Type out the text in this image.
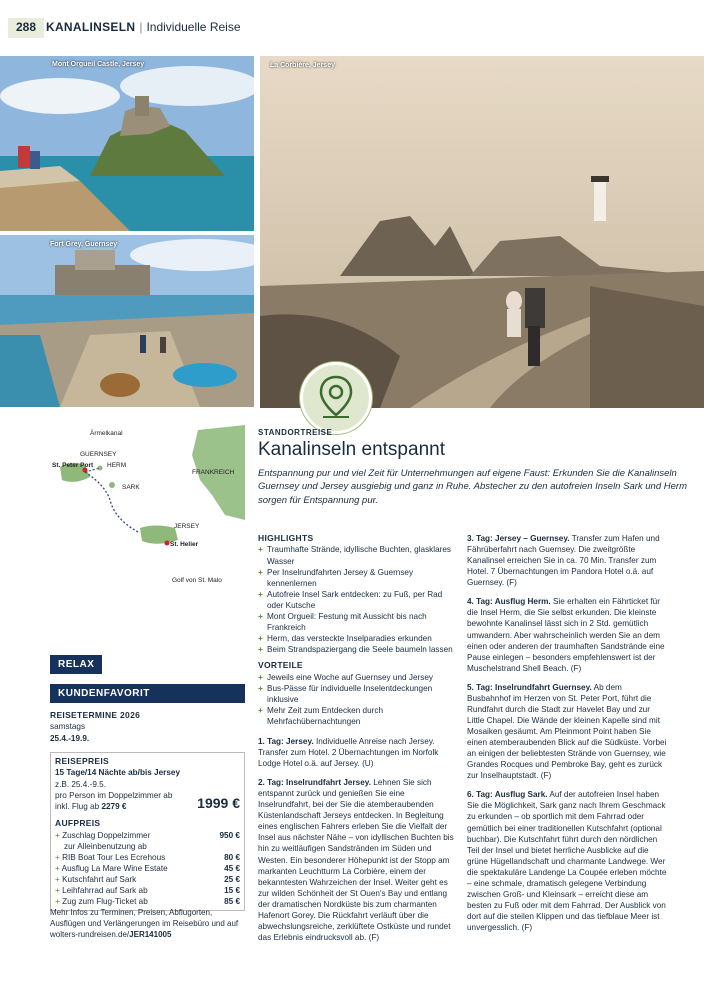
288 KANALINSELN | Individuelle Reise
Mont Orgueil Castle, Jersey
Fort Grey, Guernsey
La Corbière, Jersey
Ärmelkanal
GUERNSEY
St. Peter Port HERM
SARK
JERSEY
St. Helier
FRANKREICH
Golf von St. Malo
STANDORTREISE
Kanalinseln entspannt
Entspannung pur und viel Zeit für Unternehmungen auf eigene Faust: Erkunden Sie die Kanalinseln Guernsey und Jersey ausgiebig und ganz in Ruhe. Abstecher zu den autofreien Inseln Sark und Herm sorgen für Entspannung pur.
RELAX
KUNDENFAVORIT
REISETERMINE 2026
samstags
25.4.-19.9.
REISEPREIS
15 Tage/14 Nächte ab/bis Jersey
z.B. 25.4.-9.5.
pro Person im Doppelzimmer ab
inkl. Flug ab 2279 €	1999 €
AUFPREIS
+ Zuschlag Doppelzimmer
zur Alleinbenutzung ab
950 €
+ RIB Boat Tour Les Ecrehous	80 €
+ Ausflug La Mare Wine Estate	45 €
+ Kutschfahrt auf Sark	25 €
+ Leihfahrrad auf Sark ab	15 €
+ Zug zum Flug-Ticket ab	85 €
Mehr Infos zu Terminen, Preisen, Abflugorten, Ausflügen und Verlängerungen im Reisebüro und auf wolters-rundreisen.de/JER141005
HIGHLIGHTS
+ Traumhafte Strände, idyllische Buchten, glasklares Wasser
+ Per Inselrundfahrten Jersey & Guernsey kennenlernen
+ Autofreie Insel Sark entdecken: zu Fuß, per Rad oder Kutsche
+ Mont Orgueil: Festung mit Aussicht bis nach Frankreich
+ Herm, das versteckte Inselparadies erkunden
+ Beim Strandspaziergang die Seele baumeln lassen
VORTEILE
+ Jeweils eine Woche auf Guernsey und Jersey
+ Bus-Pässe für individuelle Inselentdeckungen inklusive
+ Mehr Zeit zum Entdecken durch Mehrfachübernachtungen

1. Tag: Jersey. Individuelle Anreise nach Jersey. Transfer zum Hotel. 2 Übernachtungen im Norfolk Lodge Hotel o.ä. auf Jersey. (U)

2. Tag: Inselrundfahrt Jersey. Lehnen Sie sich entspannt zurück und genießen Sie eine Inselrundfahrt, bei der Sie die atemberaubenden Küstenlandschaft Jerseys entdecken. In Begleitung eines englischen Fahrers erleben Sie die Vielfalt der Insel aus nächster Nähe – von idyllischen Buchten bis hin zu weitläufigen Sandstränden im Süden und Westen. Ein besonderer Höhepunkt ist der Stopp am markanten Leuchtturm La Corbière, einem der bekanntesten Wahrzeichen der Insel. Weiter geht es zur wilden Schönheit der St Ouen's Bay und entlang der dramatischen Nordküste bis zum charmanten Hafenort Gorey. Die Rückfahrt verläuft über die abwechslungsreiche, zerklüftete Ostküste und rundet das Erlebnis eindrucksvoll ab. (F)

3. Tag: Jersey – Guernsey. Transfer zum Hafen und Fährüberfahrt nach Guernsey. Die zweitgrößte Kanalinsel erreichen Sie in ca. 70 Min. Transfer zum Hotel. 7 Übernachtungen im Pandora Hotel o.ä. auf Guernsey. (F)

4. Tag: Ausflug Herm. Sie erhalten ein Fährticket für die Insel Herm, die Sie selbst erkunden. Die kleinste bewohnte Kanalinsel lässt sich in 2 Std. gemütlich umwandern. Aber wahrscheinlich werden Sie an dem einen oder anderen der traumhaften Sandstrände eine Pause einlegen – besonders empfehlenswert ist der Muschelstrand Shell Beach. (F)

5. Tag: Inselrundfahrt Guernsey. Ab dem Busbahnhof im Herzen von St. Peter Port, führt die Rundfahrt durch die Stadt zur Havelet Bay und zur Little Chapel. Die Wände der kleinen Kapelle sind mit Mosaiken gesäumt. Am Pleinmont Point haben Sie einen atemberaubenden Blick auf die Südküste. Vorbei an einigen der beliebtesten Strände von Guernsey, wie Grandes Rocques und Pembroke Bay, geht es zurück zur Inselhauptstadt. (F)

6. Tag: Ausflug Sark. Auf der autofreien Insel haben Sie die Möglichkeit, Sark ganz nach Ihrem Geschmack zu erkunden – ob sportlich mit dem Fahrrad oder gemütlich bei einer traditionellen Kutschfahrt (optional buchbar). Die Kutschfahrt führt durch den nördlichen Teil der Insel und bietet herrliche Ausblicke auf die grüne Hügellandschaft und charmante Landwege. Wer die spektakuläre Landenge La Coupée erleben möchte – eine schmale, dramatisch gelegene Verbindung zwischen Groß- und Kleinsark – erreicht diese am besten zu Fuß oder mit dem Fahrrad. Der Ausblick von dort auf die steilen Klippen und das tiefblaue Meer ist unvergesslich. (F)
